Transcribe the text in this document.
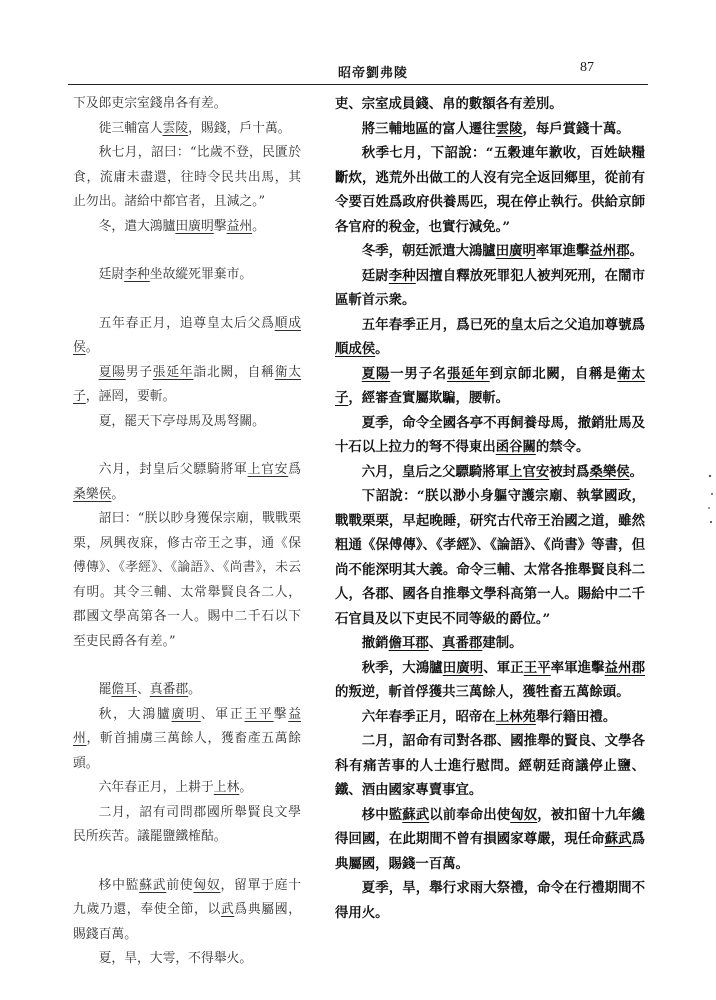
昭帝劉弗陵	87

下及郎吏宗室錢帛各有差。

徙三輔富人雲陵，賜錢，戶十萬。

秋七月，詔曰：“比歲不登，民匱於食，流庸未盡還，往時令民共出馬，其止勿出。諸給中都官者，且減之。”

冬，遣大鴻臚田廣明擊益州。

廷尉李种坐故縱死罪棄市。

五年春正月，追尊皇太后父爲順成侯。

夏陽男子張延年詣北闕，自稱衛太子，誣罔，要斬。

夏，罷天下亭母馬及馬弩關。

六月，封皇后父驃騎將軍上官安爲桑樂侯。

詔曰：“朕以眇身獲保宗廟，戰戰栗栗，夙興夜寐，修古帝王之事，通《保傅傳》、《孝經》、《論語》、《尚書》，未云有明。其令三輔、太常舉賢良各二人，郡國文學高第各一人。賜中二千石以下至吏民爵各有差。”

罷儋耳、真番郡。

秋，大鴻臚廣明、軍正王平擊益州，斬首捕虜三萬餘人，獲畜產五萬餘頭。

六年春正月，上耕于上林。

二月，詔有司問郡國所舉賢良文學民所疾苦。議罷鹽鐵榷酤。

栘中監蘇武前使匈奴，留單于庭十九歲乃還，奉使全節，以武爲典屬國，賜錢百萬。

夏，旱，大雩，不得舉火。

吏、宗室成員錢、帛的數額各有差別。

將三輔地區的富人遷往雲陵，每戶賞錢十萬。

秋季七月，下詔說：“五穀連年歉收，百姓缺糧斷炊，逃荒外出做工的人沒有完全返回鄉里，從前有令要百姓爲政府供養馬匹，現在停止執行。供給京師各官府的稅金，也實行減免。”

冬季，朝廷派遣大鴻臚田廣明率軍進擊益州郡。

廷尉李种因擅自釋放死罪犯人被判死刑，在鬧市區斬首示衆。

五年春季正月，爲已死的皇太后之父追加尊號爲順成侯。

夏陽一男子名張延年到京師北闕，自稱是衛太子，經審查實屬欺騙，腰斬。

夏季，命令全國各亭不再飼養母馬，撤銷壯馬及十石以上拉力的弩不得東出函谷關的禁令。

六月，皇后之父驃騎將軍上官安被封爲桑樂侯。

下詔說：“朕以渺小身軀守護宗廟、執掌國政，戰戰栗栗，早起晚睡，研究古代帝王治國之道，雖然粗通《保傅傳》、《孝經》、《論語》、《尚書》等書，但尚不能深明其大義。命令三輔、太常各推舉賢良科二人，各郡、國各自推舉文學科高第一人。賜給中二千石官員及以下吏民不同等級的爵位。”

撤銷儋耳郡、真番郡建制。

秋季，大鴻臚田廣明、軍正王平率軍進擊益州郡的叛逆，斬首俘獲共三萬餘人，獲牲畜五萬餘頭。

六年春季正月，昭帝在上林苑舉行籍田禮。

二月，詔命有司對各郡、國推舉的賢良、文學各科有痛苦事的人士進行慰問。經朝廷商議停止鹽、鐵、酒由國家專賣事宜。

栘中監蘇武以前奉命出使匈奴，被扣留十九年纔得回國，在此期間不曾有損國家尊嚴，現任命蘇武爲典屬國，賜錢一百萬。

夏季，旱，舉行求雨大祭禮，命令在行禮期間不得用火。
